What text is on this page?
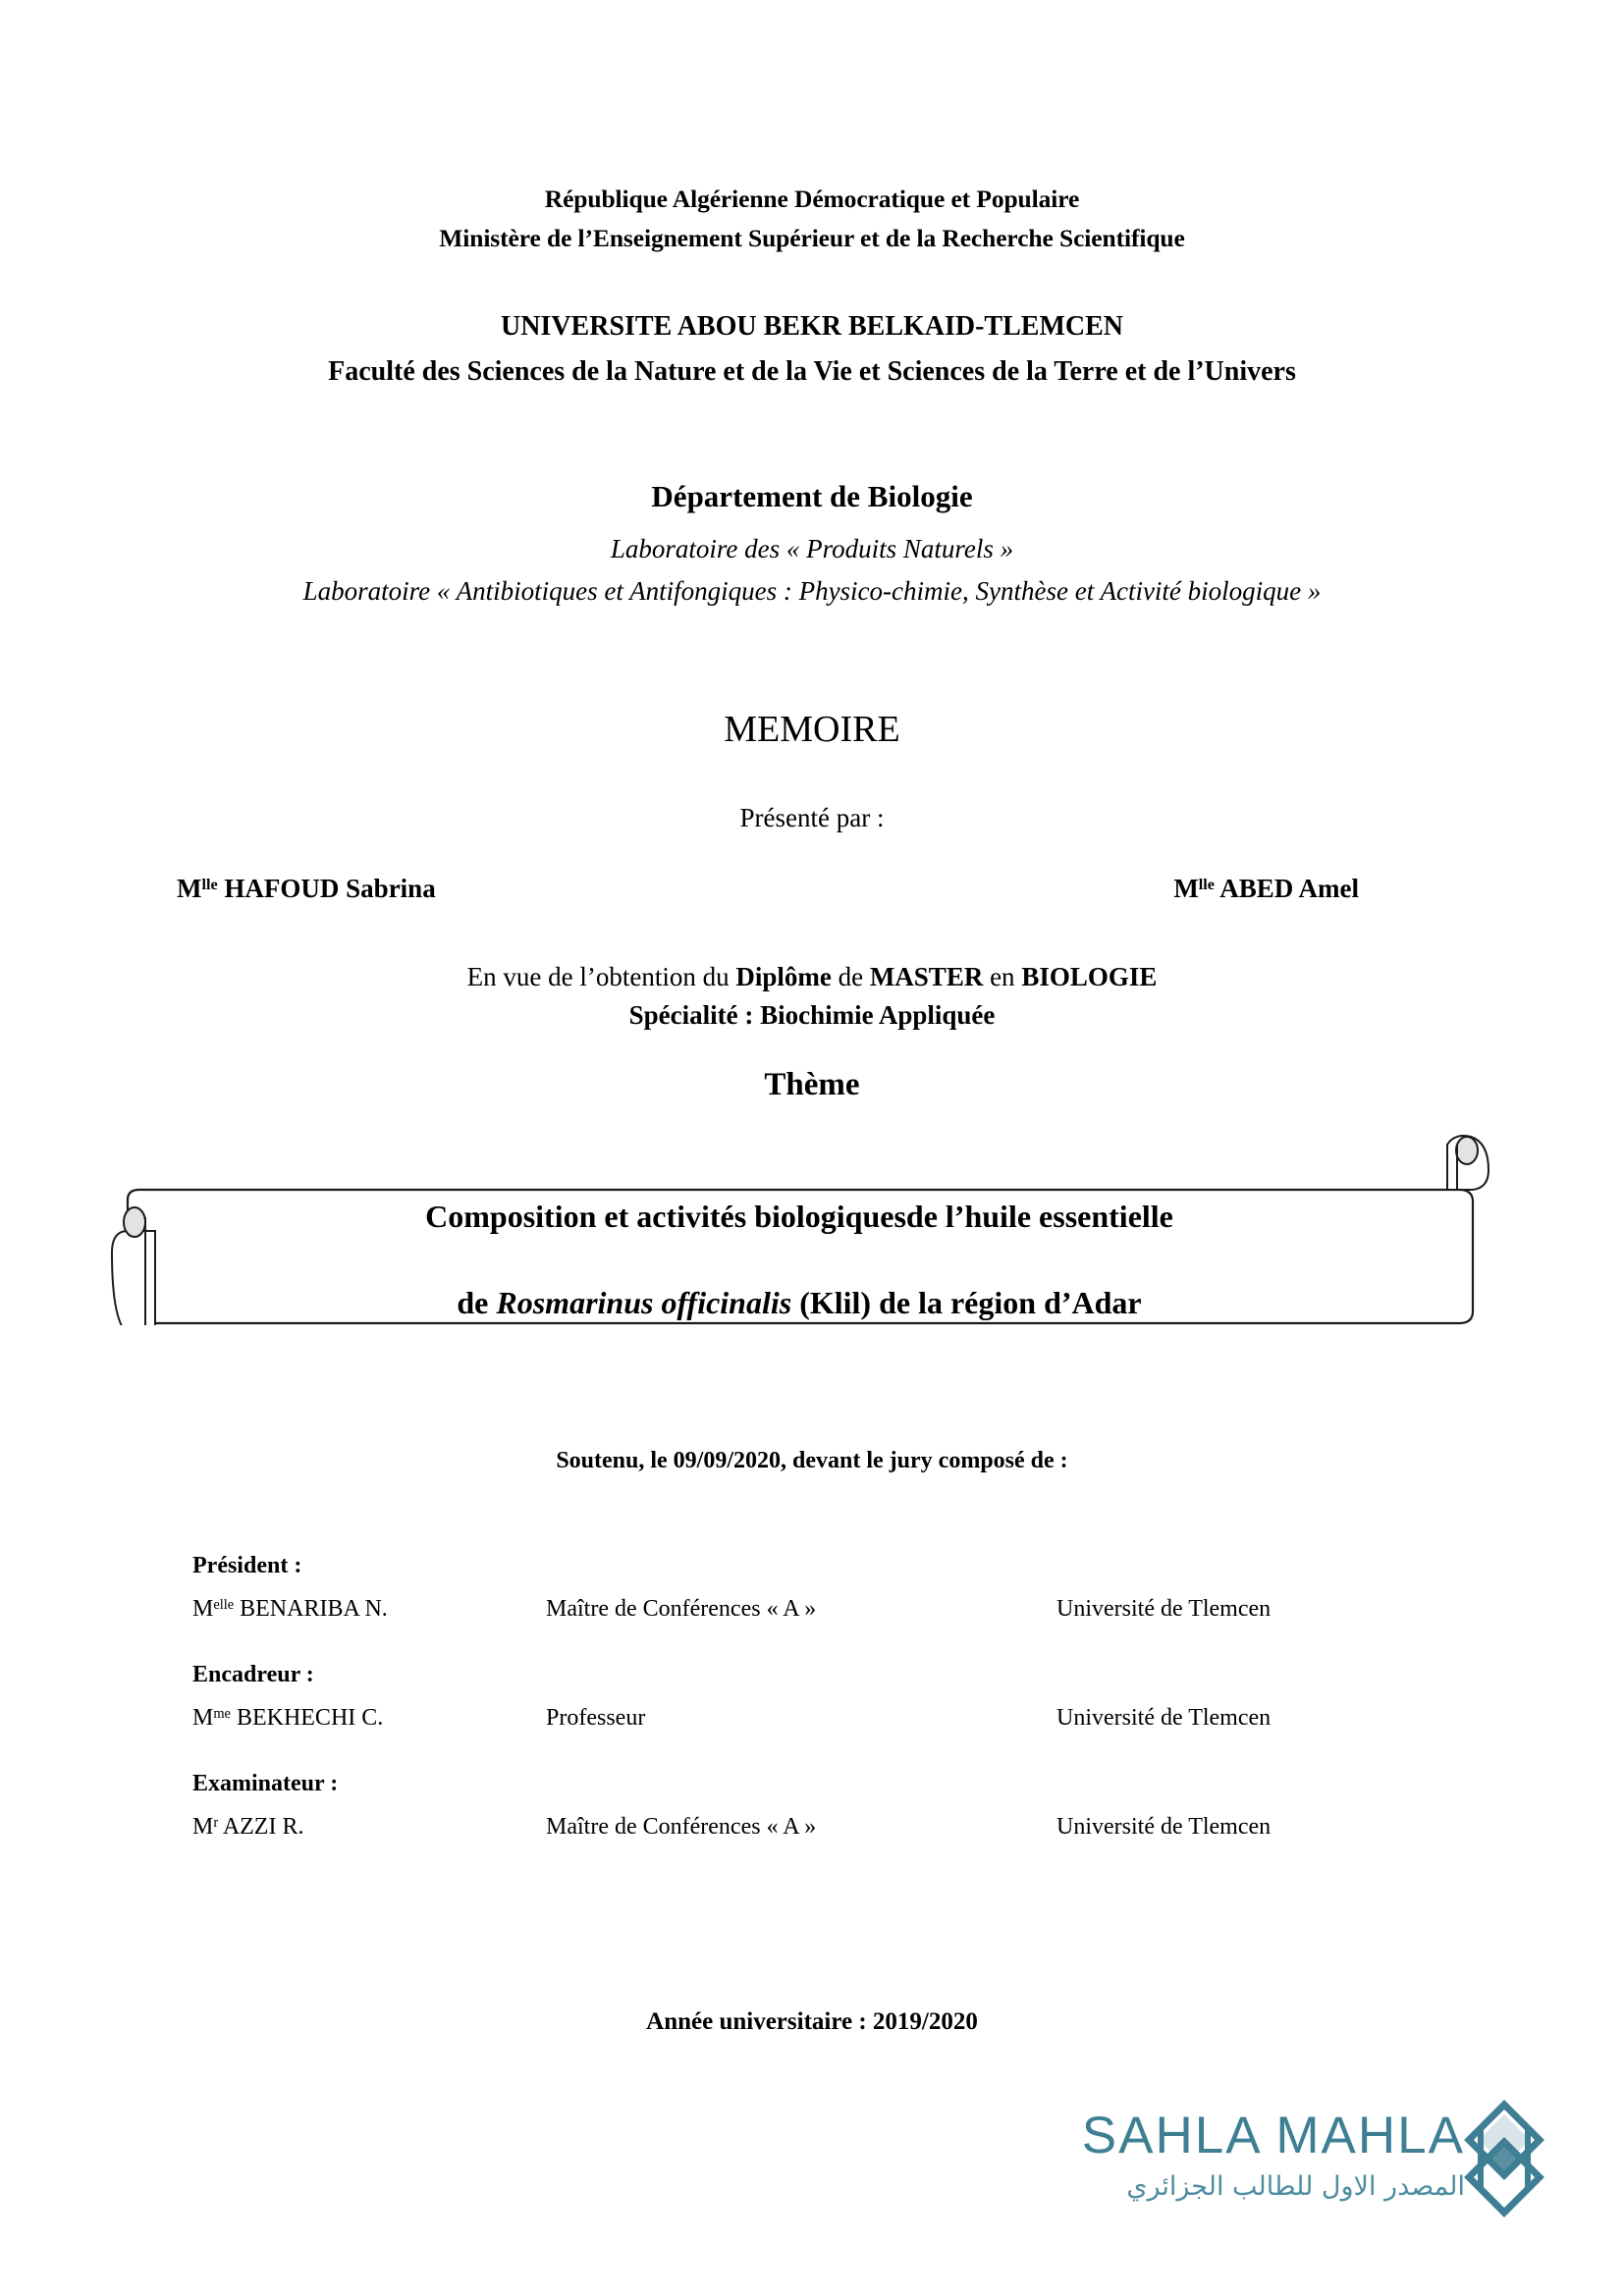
République Algérienne Démocratique et Populaire
Ministère de l’Enseignement Supérieur et de la Recherche Scientifique
UNIVERSITE ABOU BEKR BELKAID-TLEMCEN
Faculté des Sciences de la Nature et de la Vie et Sciences de la Terre et de l’Univers
Département de Biologie
Laboratoire des « Produits Naturels »
Laboratoire « Antibiotiques et Antifongiques : Physico-chimie, Synthèse et Activité biologique »
MEMOIRE
Présenté par :
$M^{lle}$ HAFOUD Sabrina	$M^{lle}$ ABED Amel
En vue de l’obtention du Diplôme de MASTER en BIOLOGIE
Spécialité : Biochimie Appliquée
Thème
Composition et activités biologiquesde l’huile essentielle
de Rosmarinus officinalis (Klil) de la région d’Adar
Soutenu, le 09/09/2020, devant le jury composé de :
Président :
$M^{elle}$ BENARIBA N.	Maître de Conférences « A »	Université de Tlemcen
Encadreur :
$M^{me}$ BEKHECHI C.	Professeur	Université de Tlemcen
Examinateur :
$M^r$ AZZI R.	Maître de Conférences « A »	Université de Tlemcen
Année universitaire : 2019/2020
SAHLA MAHLA
المصدر الاول للطالب الجزائري
